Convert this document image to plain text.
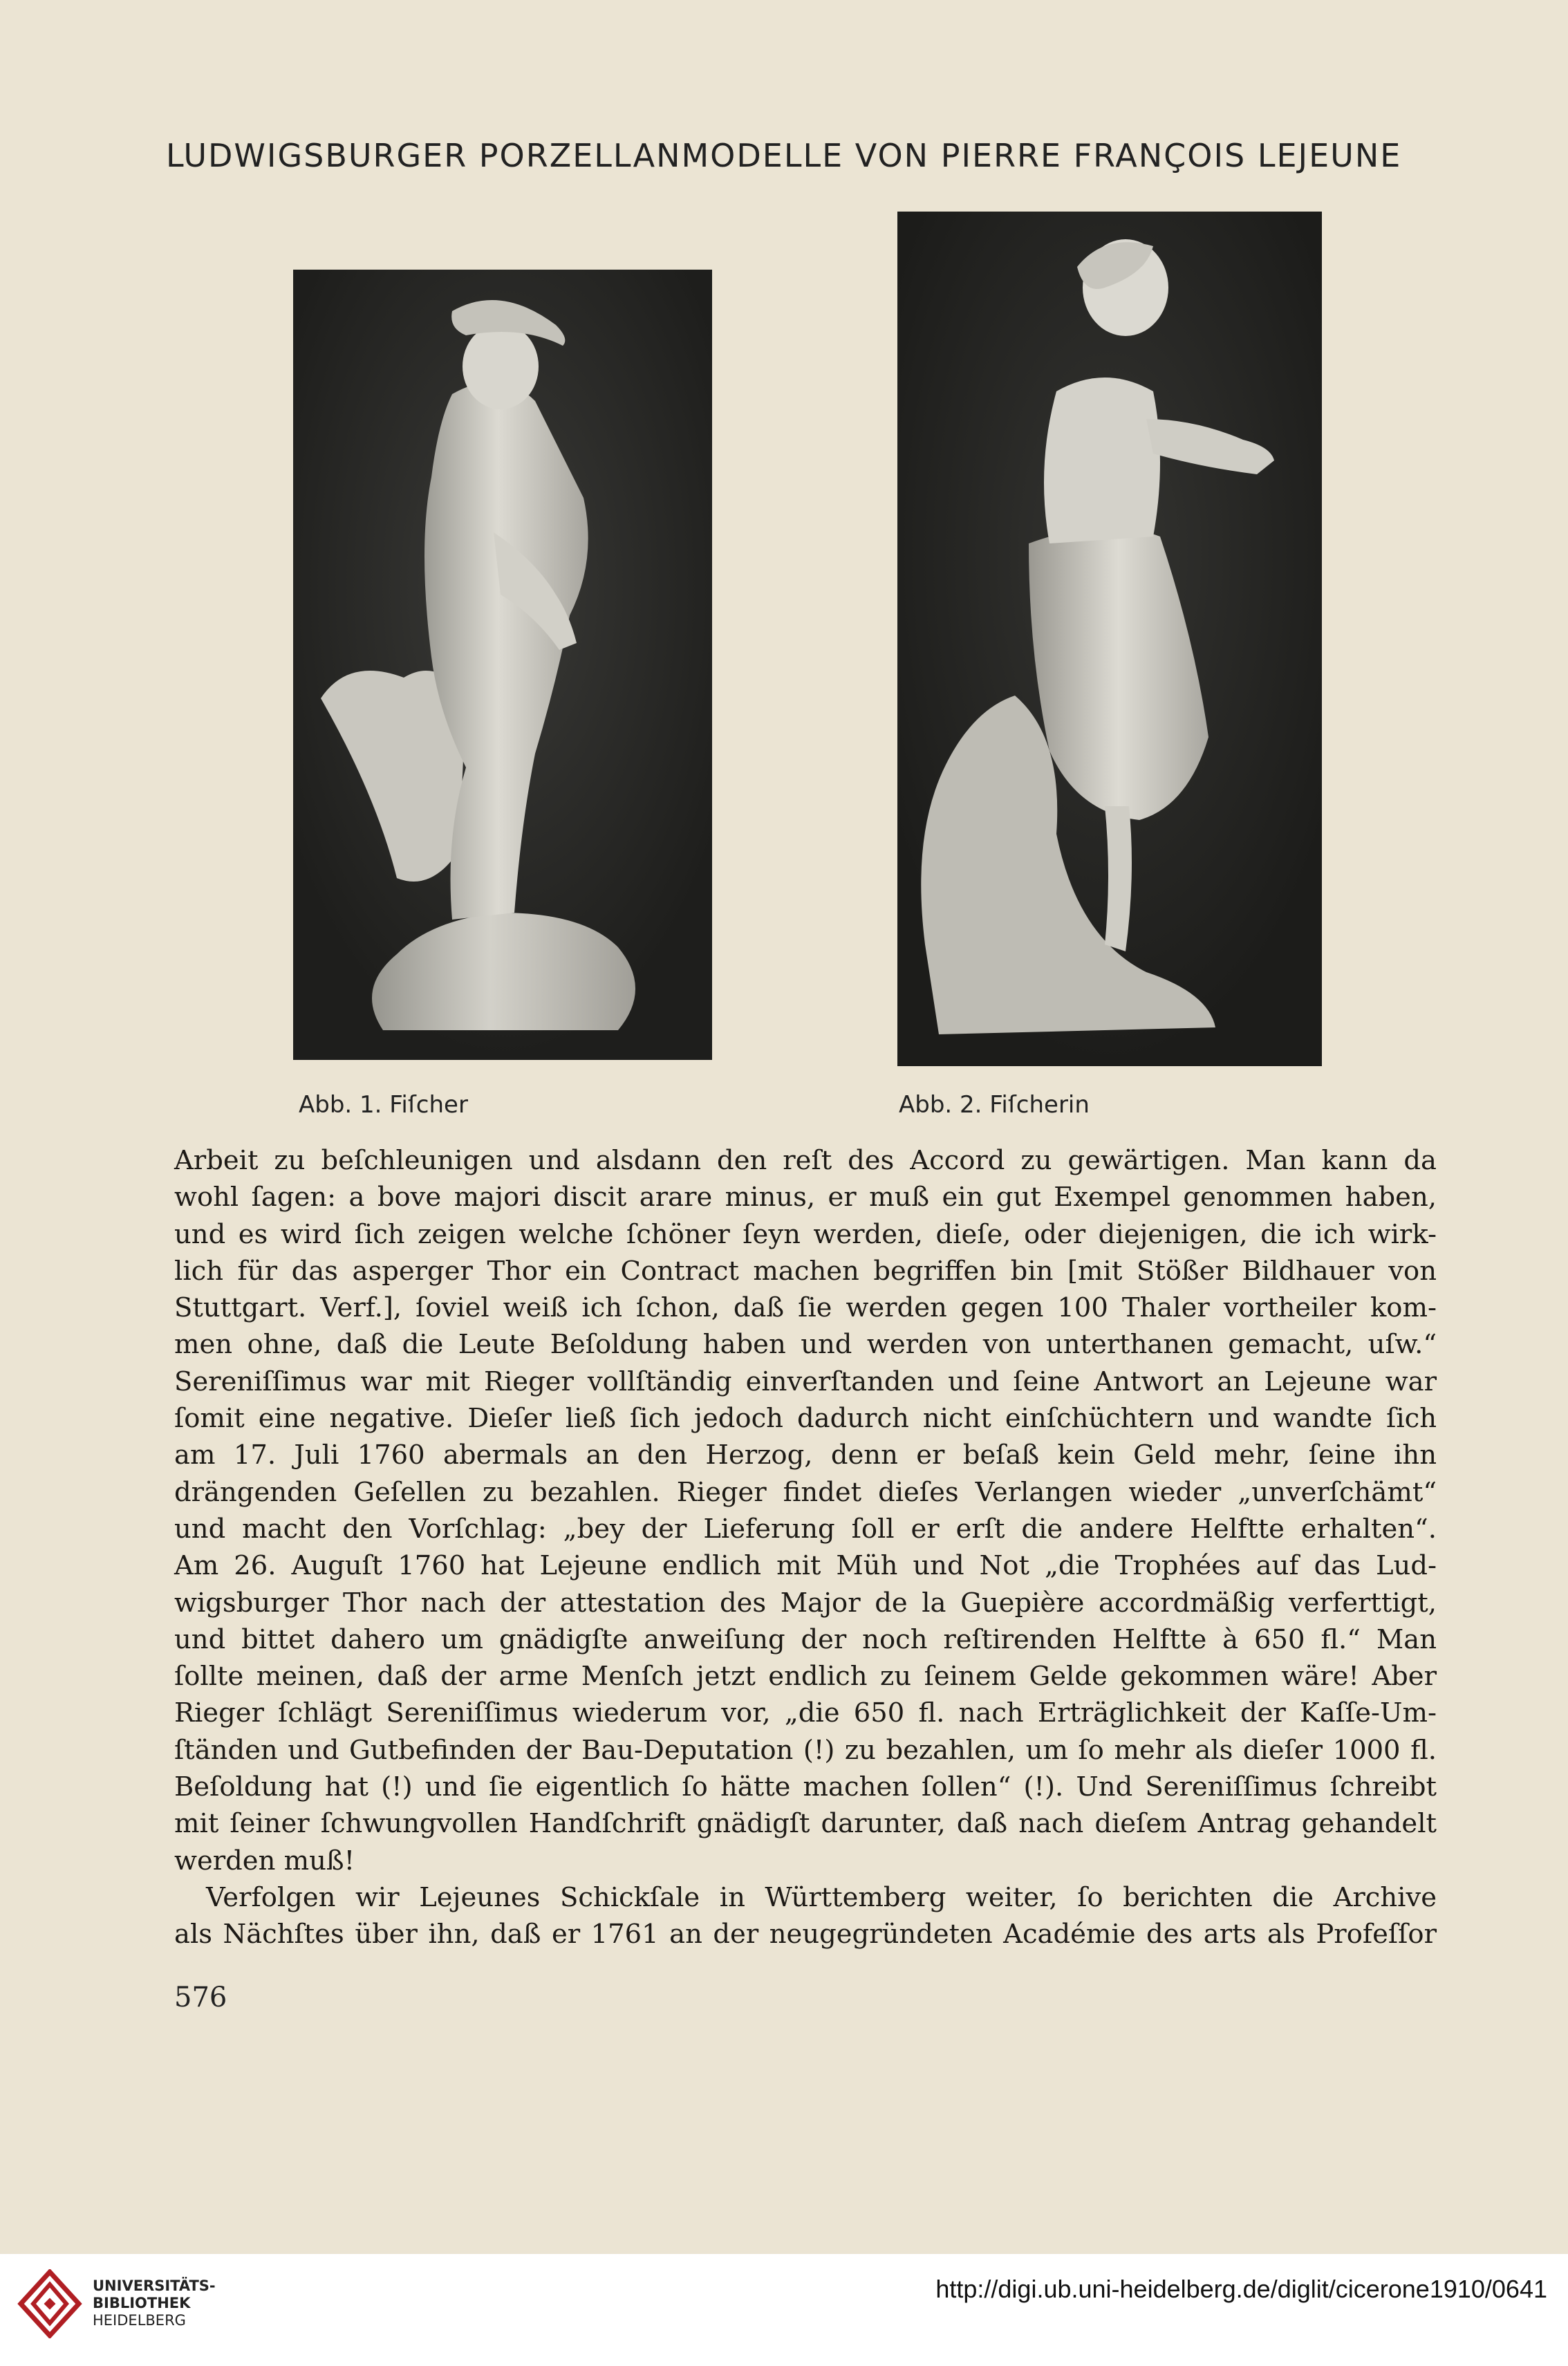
LUDWIGSBURGER PORZELLANMODELLE VON PIERRE FRANÇOIS LEJEUNE
Abb. 1. Fiſcher	Abb. 2. Fiſcherin
Arbeit zu beſchleunigen und alsdann den reſt des Accord zu gewärtigen. Man kann da
wohl ſagen: a bove majori discit arare minus, er muß ein gut Exempel genommen haben,
und es wird ſich zeigen welche ſchöner ſeyn werden, dieſe, oder diejenigen, die ich wirk-
lich für das asperger Thor ein Contract machen begriffen bin [mit Stößer Bildhauer von
Stuttgart. Verf.], ſoviel weiß ich ſchon, daß ſie werden gegen 100 Thaler vortheiler kom-
men ohne, daß die Leute Beſoldung haben und werden von unterthanen gemacht, uſw.“
Sereniſſimus war mit Rieger vollſtändig einverſtanden und ſeine Antwort an Lejeune war
ſomit eine negative. Dieſer ließ ſich jedoch dadurch nicht einſchüchtern und wandte ſich
am 17. Juli 1760 abermals an den Herzog, denn er beſaß kein Geld mehr, ſeine ihn
drängenden Geſellen zu bezahlen. Rieger findet dieſes Verlangen wieder „unverſchämt“
und macht den Vorſchlag: „bey der Lieferung ſoll er erſt die andere Helftte erhalten“.
Am 26. Auguſt 1760 hat Lejeune endlich mit Müh und Not „die Trophées auf das Lud-
wigsburger Thor nach der attestation des Major de la Guepière accordmäßig verferttigt,
und bittet dahero um gnädigſte anweiſung der noch reſtirenden Helftte à 650 fl.“ Man
ſollte meinen, daß der arme Menſch jetzt endlich zu ſeinem Gelde gekommen wäre! Aber
Rieger ſchlägt Sereniſſimus wiederum vor, „die 650 fl. nach Erträglichkeit der Kaſſe-Um-
ſtänden und Gutbefinden der Bau-Deputation (!) zu bezahlen, um ſo mehr als dieſer 1000 fl.
Beſoldung hat (!) und ſie eigentlich ſo hätte machen ſollen“ (!). Und Sereniſſimus ſchreibt
mit ſeiner ſchwungvollen Handſchrift gnädigſt darunter, daß nach dieſem Antrag gehandelt
werden muß!
Verfolgen wir Lejeunes Schickſale in Württemberg weiter, ſo berichten die Archive
als Nächſtes über ihn, daß er 1761 an der neugegründeten Académie des arts als Profeſſor
576
UNIVERSITÄTS-
BIBLIOTHEK
HEIDELBERG
http://digi.ub.uni-heidelberg.de/diglit/cicerone1910/0641
